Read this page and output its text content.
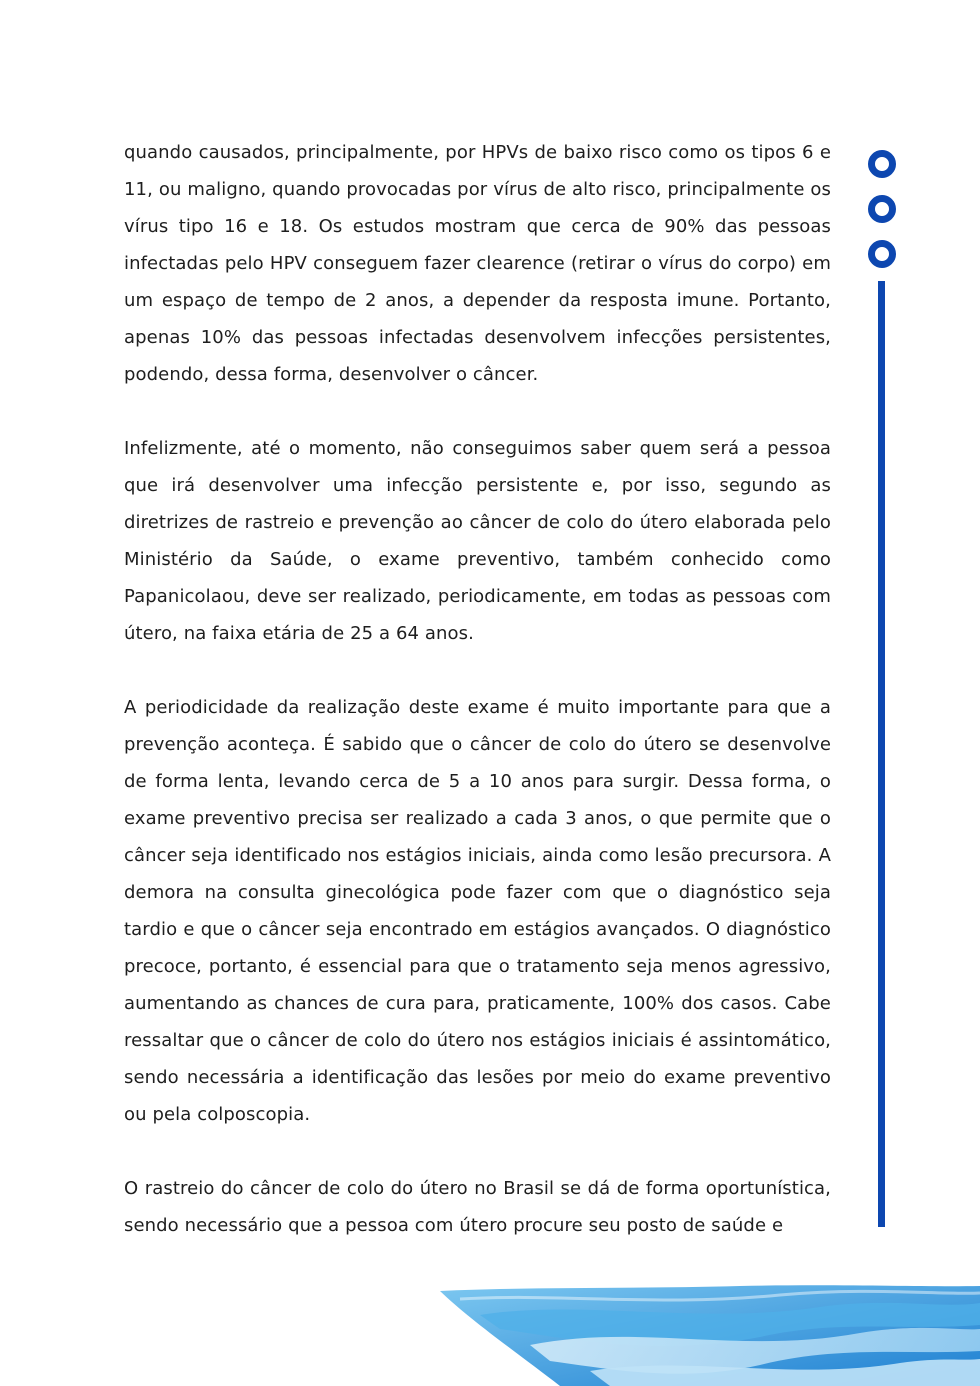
quando causados, principalmente, por HPVs de baixo risco como os tipos 6 e 11, ou maligno, quando provocadas por vírus de alto risco, principalmente os vírus tipo 16 e 18. Os estudos mostram que cerca de 90% das pessoas infectadas pelo HPV conseguem fazer clearence (retirar o vírus do corpo) em um espaço de tempo de 2 anos, a depender da resposta imune. Portanto, apenas 10% das pessoas infectadas desenvolvem infecções persistentes, podendo, dessa forma, desenvolver o câncer.

Infelizmente, até o momento, não conseguimos saber quem será a pessoa que irá desenvolver uma infecção persistente e, por isso, segundo as diretrizes de rastreio e prevenção ao câncer de colo do útero elaborada pelo Ministério da Saúde, o exame preventivo, também conhecido como Papanicolaou, deve ser realizado, periodicamente, em todas as pessoas com útero, na faixa etária de 25 a 64 anos.

A periodicidade da realização deste exame é muito importante para que a prevenção aconteça. É sabido que o câncer de colo do útero se desenvolve de forma lenta, levando cerca de 5 a 10 anos para surgir. Dessa forma, o exame preventivo precisa ser realizado a cada 3 anos, o que permite que o câncer seja identificado nos estágios iniciais, ainda como lesão precursora. A demora na consulta ginecológica pode fazer com que o diagnóstico seja tardio e que o câncer seja encontrado em estágios avançados. O diagnóstico precoce, portanto, é essencial para que o tratamento seja menos agressivo, aumentando as chances de cura para, praticamente, 100% dos casos. Cabe ressaltar que o câncer de colo do útero nos estágios iniciais é assintomático, sendo necessária a identificação das lesões por meio do exame preventivo ou pela colposcopia.

O rastreio do câncer de colo do útero no Brasil se dá de forma oportunística, sendo necessário que a pessoa com útero procure seu posto de saúde e
